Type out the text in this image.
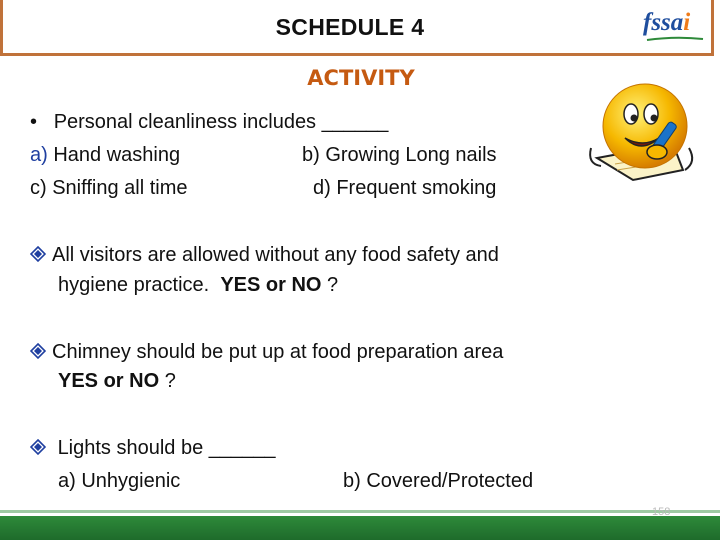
SCHEDULE 4	fssai
ACTIVITY
• Personal cleanliness includes ______
a) Hand washing	b) Growing Long nails
c) Sniffing all time	d) Frequent smoking
All visitors are allowed without any food safety and
hygiene practice. YES or NO ?
Chimney should be put up at food preparation area
YES or NO ?
Lights should be ______
a) Unhygienic	b) Covered/Protected
158
